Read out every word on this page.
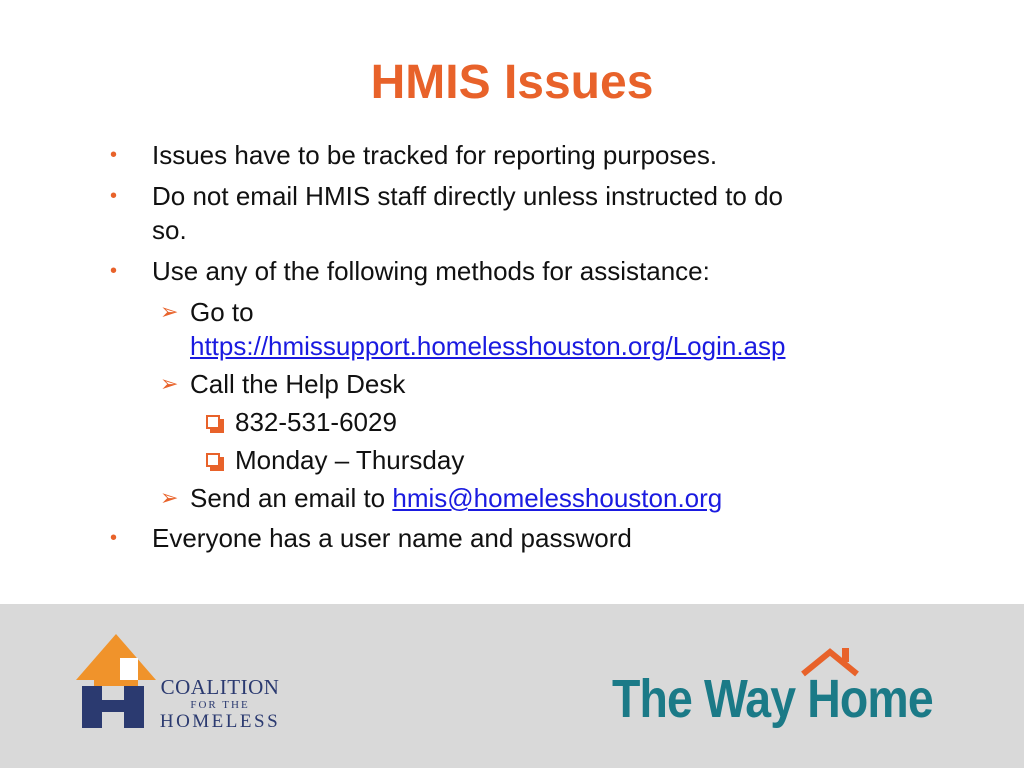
HMIS Issues
• Issues have to be tracked for reporting purposes.
• Do not email HMIS staff directly unless instructed to do
so.
• Use any of the following methods for assistance:
➢ Go to
https://hmissupport.homelesshouston.org/Login.asp
➢ Call the Help Desk
832-531-6029
Monday – Thursday
➢ Send an email to hmis@homelesshouston.org
• Everyone has a user name and password
COALITION
FOR THE
HOMELESS	The Way Home
